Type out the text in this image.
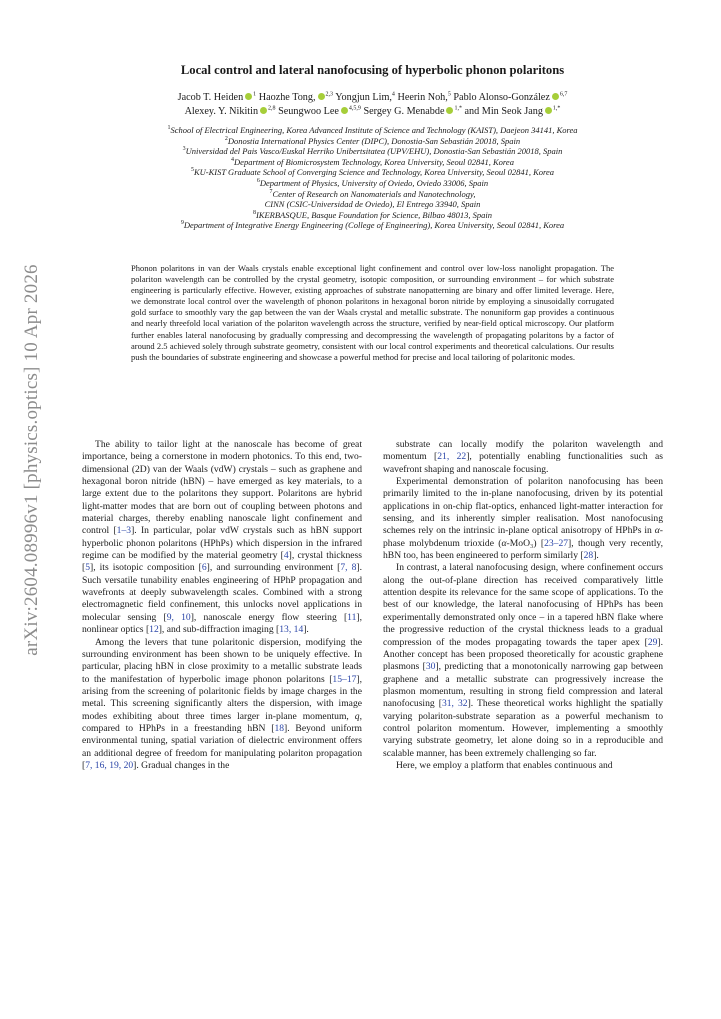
arXiv:2604.08996v1 [physics.optics] 10 Apr 2026
Local control and lateral nanofocusing of hyperbolic phonon polaritons
Jacob T. Heiden $^1$ Haozhe Tong, $^{2,3}$ Yongjun Lim,$^4$ Heerin Noh,$^5$ Pablo Alonso-González $^{6,7}$
Alexey. Y. Nikitin $^{2,8}$ Seungwoo Lee $^{4,5,9}$ Sergey G. Menabde $^{1,*}$ and Min Seok Jang $^{1,*}$
$^1$School of Electrical Engineering, Korea Advanced Institute of Science and Technology (KAIST), Daejeon 34141, Korea
$^2$Donostia International Physics Center (DIPC), Donostia-San Sebastián 20018, Spain
$^3$Universidad del Pais Vasco/Euskal Herriko Unibertsitatea (UPV/EHU), Donostia-San Sebastián 20018, Spain
$^4$Department of Biomicrosystem Technology, Korea University, Seoul 02841, Korea
$^5$KU-KIST Graduate School of Converging Science and Technology, Korea University, Seoul 02841, Korea
$^6$Department of Physics, University of Oviedo, Oviedo 33006, Spain
$^7$Center of Research on Nanomaterials and Nanotechnology,
CINN (CSIC-Universidad de Oviedo), El Entrego 33940, Spain
$^8$IKERBASQUE, Basque Foundation for Science, Bilbao 48013, Spain
$^9$Department of Integrative Energy Engineering (College of Engineering), Korea University, Seoul 02841, Korea
Phonon polaritons in van der Waals crystals enable exceptional light confinement and control over low-loss nanolight propagation. The polariton wavelength can be controlled by the crystal geometry, isotopic composition, or surrounding environment – for which substrate engineering is particularly effective. However, existing approaches of substrate nanopatterning are binary and offer limited leverage. Here, we demonstrate local control over the wavelength of phonon polaritons in hexagonal boron nitride by employing a sinusoidally corrugated gold surface to smoothly vary the gap between the van der Waals crystal and metallic substrate. The nonuniform gap provides a continuous and nearly threefold local variation of the polariton wavelength across the structure, verified by near-field optical microscopy. Our platform further enables lateral nanofocusing by gradually compressing and decompressing the wavelength of propagating polaritons by a factor of around 2.5 achieved solely through substrate geometry, consistent with our local control experiments and theoretical calculations. Our results push the boundaries of substrate engineering and showcase a powerful method for precise and local tailoring of polaritonic modes.

The ability to tailor light at the nanoscale has become of great importance, being a cornerstone in modern photonics. To this end, two-dimensional (2D) van der Waals (vdW) crystals – such as graphene and hexagonal boron nitride (hBN) – have emerged as key materials, to a large extent due to the polaritons they support. Polaritons are hybrid light-matter modes that are born out of coupling between photons and material charges, thereby enabling nanoscale light confinement and control [1–3]. In particular, polar vdW crystals such as hBN support hyperbolic phonon polaritons (HPhPs) which dispersion in the infrared regime can be modified by the material geometry [4], crystal thickness [5], its isotopic composition [6], and surrounding environment [7, 8]. Such versatile tunability enables engineering of HPhP propagation and wavefronts at deeply subwavelength scales. Combined with a strong electromagnetic field confinement, this unlocks novel applications in molecular sensing [9, 10], nanoscale energy flow steering [11], nonlinear optics [12], and sub-diffraction imaging [13, 14].

Among the levers that tune polaritonic dispersion, modifying the surrounding environment has been shown to be uniquely effective. In particular, placing hBN in close proximity to a metallic substrate leads to the manifestation of hyperbolic image phonon polaritons [15–17], arising from the screening of polaritonic fields by image charges in the metal. This screening significantly alters the dispersion, with image modes exhibiting about three times larger in-plane momentum, q, compared to HPhPs in a freestanding hBN [18]. Beyond uniform environmental tuning, spatial variation of dielectric environment offers an additional degree of freedom for manipulating polariton propagation [7, 16, 19, 20]. Gradual changes in the

substrate can locally modify the polariton wavelength and momentum [21, 22], potentially enabling functionalities such as wavefront shaping and nanoscale focusing.

Experimental demonstration of polariton nanofocusing has been primarily limited to the in-plane nanofocusing, driven by its potential applications in on-chip flat-optics, enhanced light-matter interaction for sensing, and its inherently simpler realisation. Most nanofocusing schemes rely on the intrinsic in-plane optical anisotropy of HPhPs in α-phase molybdenum trioxide (α-MoO₃) [23–27], though very recently, hBN too, has been engineered to perform similarly [28].

In contrast, a lateral nanofocusing design, where confinement occurs along the out-of-plane direction has received comparatively little attention despite its relevance for the same scope of applications. To the best of our knowledge, the lateral nanofocusing of HPhPs has been experimentally demonstrated only once – in a tapered hBN flake where the progressive reduction of the crystal thickness leads to a gradual compression of the modes propagating towards the taper apex [29]. Another concept has been proposed theoretically for acoustic graphene plasmons [30], predicting that a monotonically narrowing gap between graphene and a metallic substrate can progressively increase the plasmon momentum, resulting in strong field compression and lateral nanofocusing [31, 32]. These theoretical works highlight the spatially varying polariton-substrate separation as a powerful mechanism to control polariton momentum. However, implementing a smoothly varying substrate geometry, let alone doing so in a reproducible and scalable manner, has been extremely challenging so far.

Here, we employ a platform that enables continuous and
